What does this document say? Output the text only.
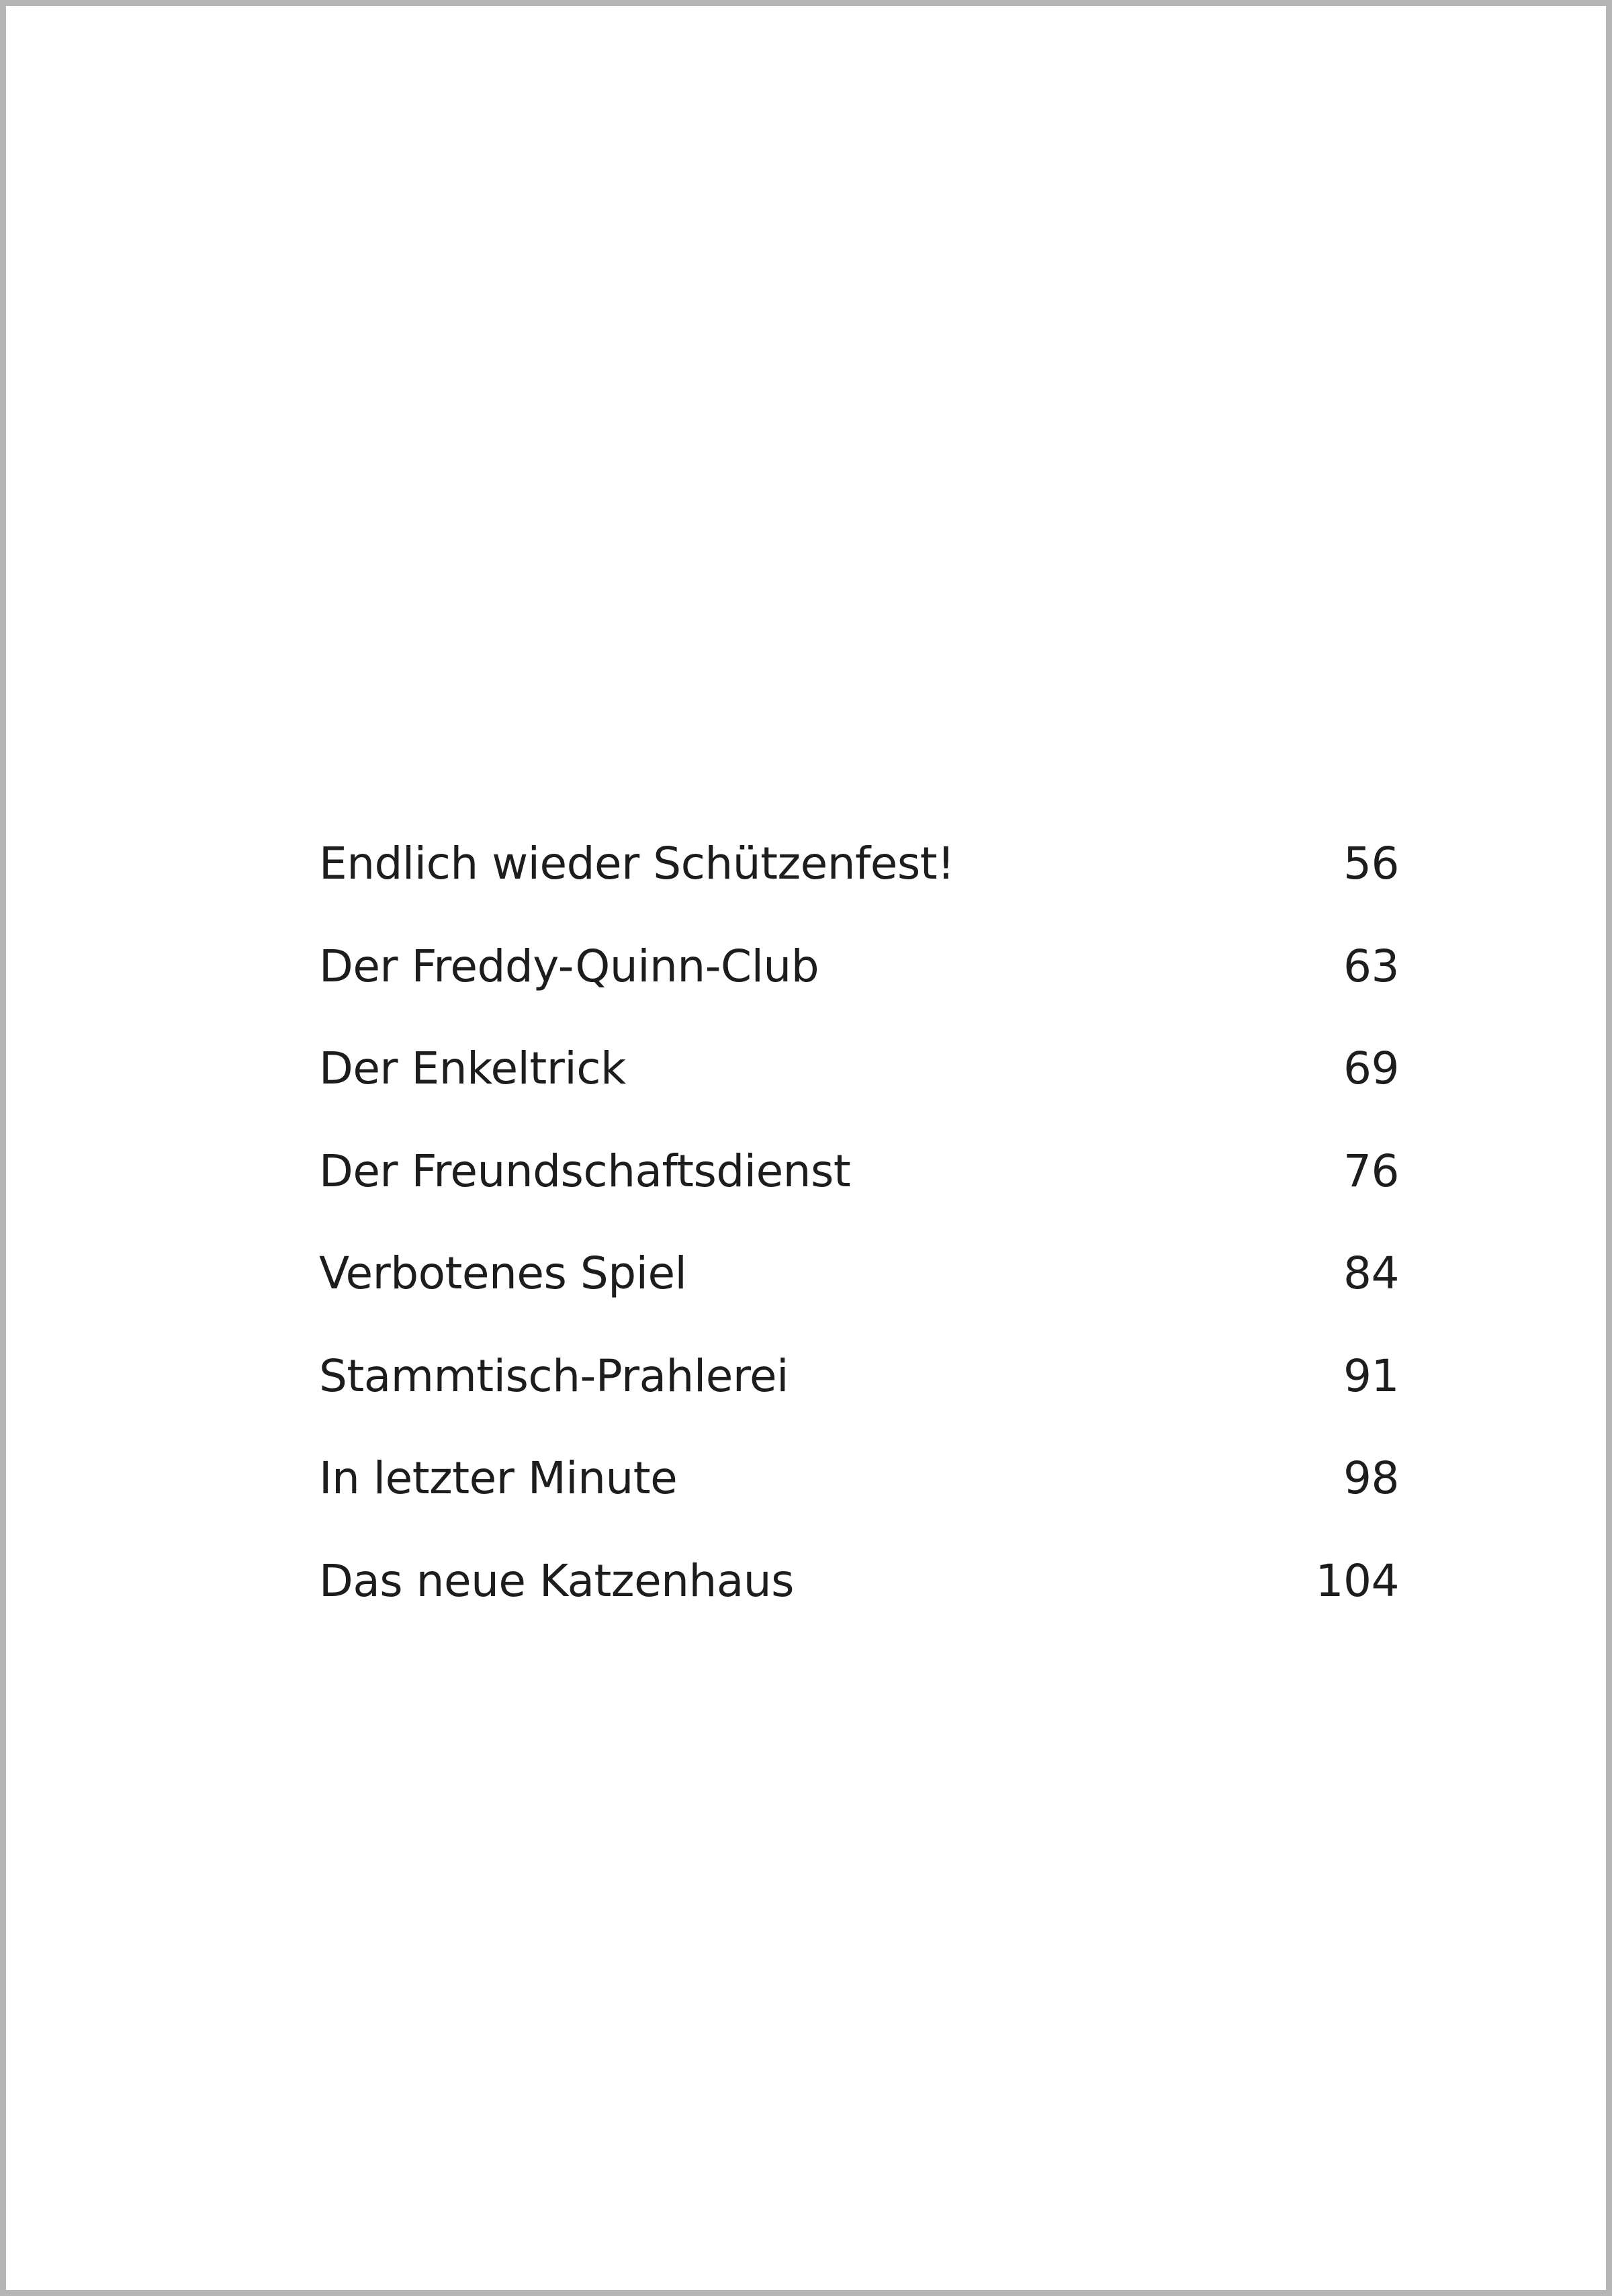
Endlich wieder Schützenfest!	56
Der Freddy-Quinn-Club	63
Der Enkeltrick	69
Der Freundschaftsdienst	76
Verbotenes Spiel	84
Stammtisch-Prahlerei	91
In letzter Minute	98
Das neue Katzenhaus	104
